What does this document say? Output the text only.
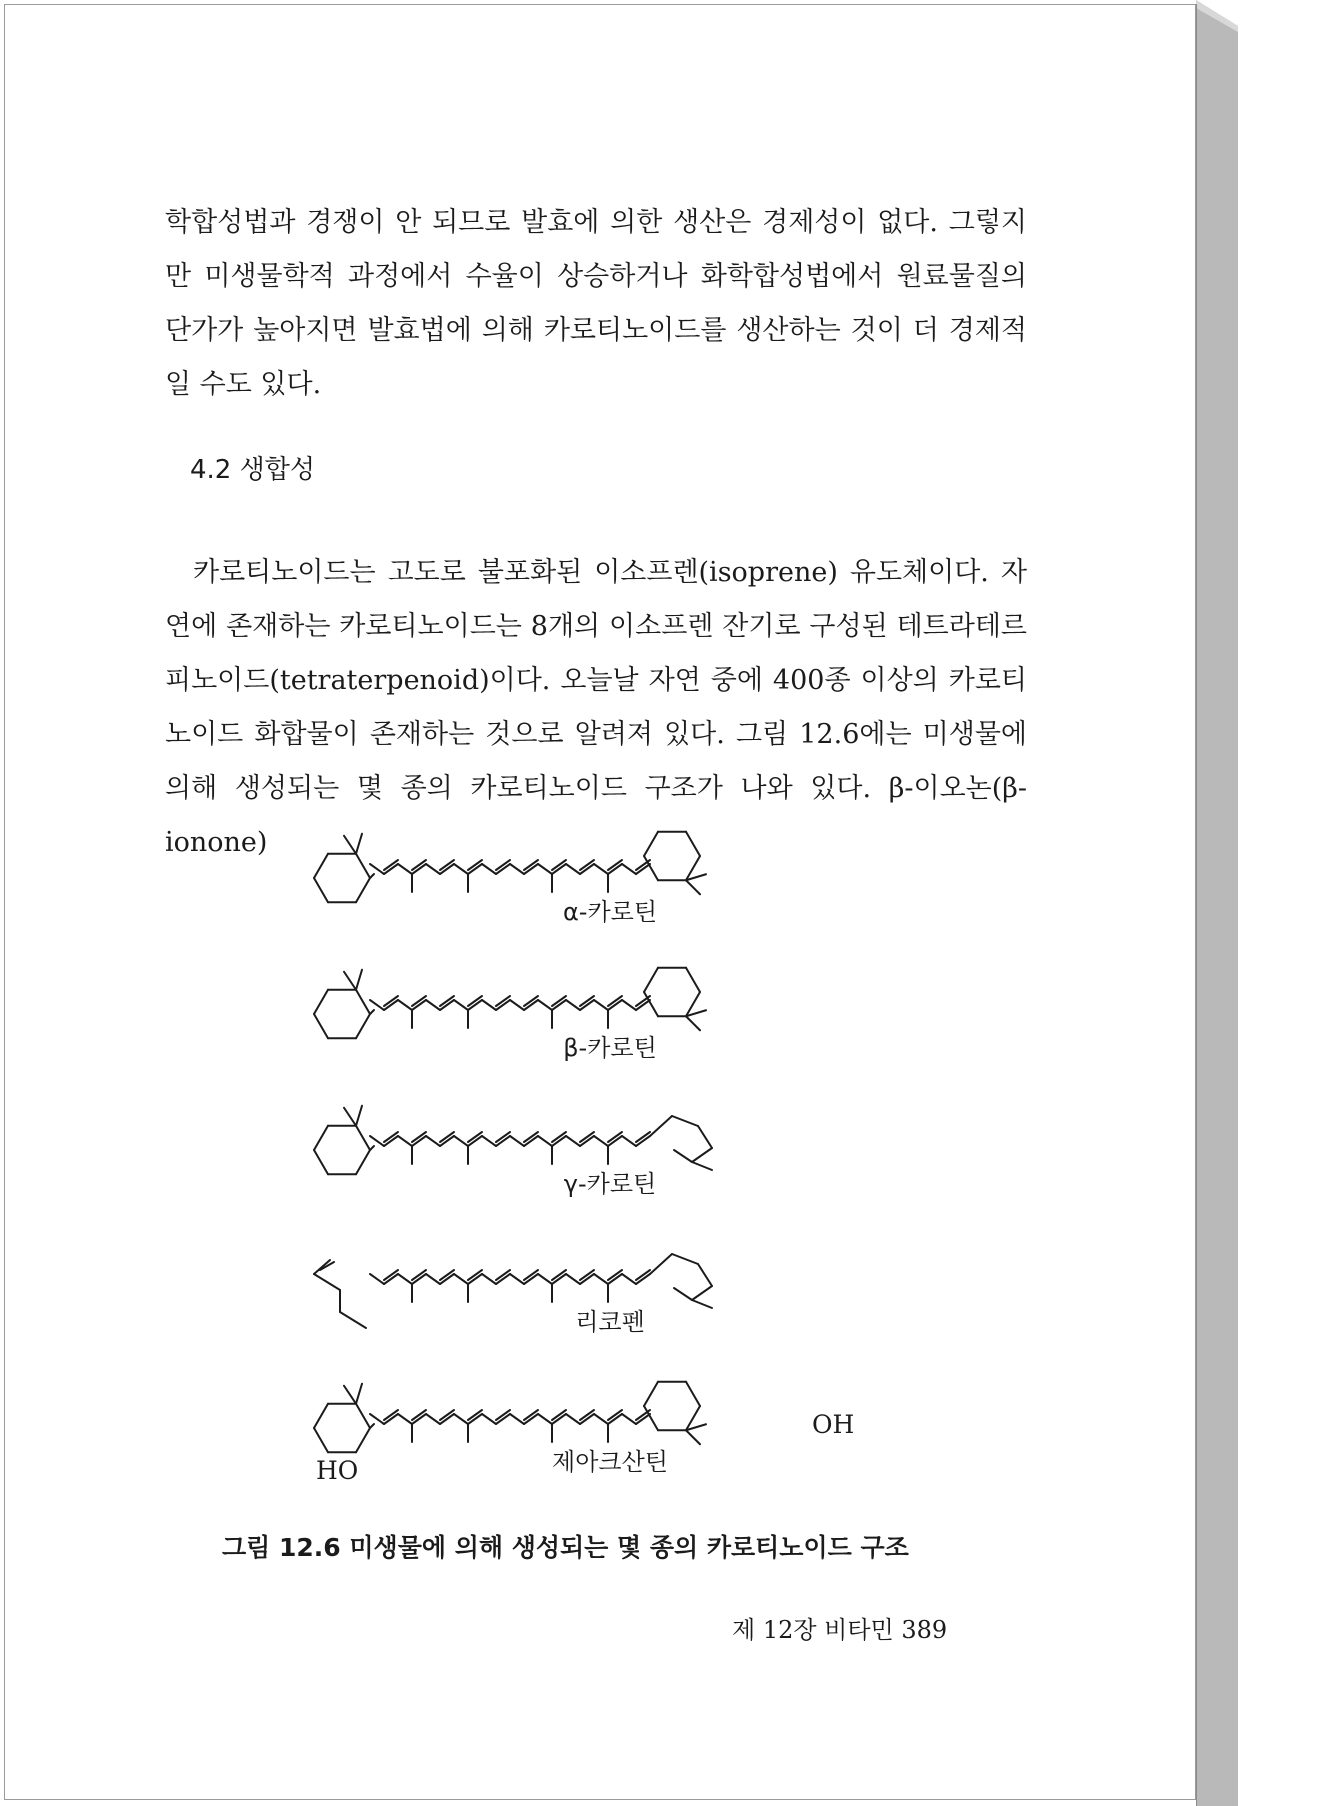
학합성법과 경쟁이 안 되므로 발효에 의한 생산은 경제성이 없다. 그렇지만 미생물학적 과정에서 수율이 상승하거나 화학합성법에서 원료물질의 단가가 높아지면 발효법에 의해 카로티노이드를 생산하는 것이 더 경제적일 수도 있다.

4.2 생합성

카로티노이드는 고도로 불포화된 이소프렌(isoprene) 유도체이다. 자연에 존재하는 카로티노이드는 8개의 이소프렌 잔기로 구성된 테트라테르피노이드(tetraterpenoid)이다. 오늘날 자연 중에 400종 이상의 카로티노이드 화합물이 존재하는 것으로 알려져 있다. 그림 12.6에는 미생물에 의해 생성되는 몇 종의 카로티노이드 구조가 나와 있다. β-이오논(β-ionone)

α-카로틴
β-카로틴
γ-카로틴
리코펜
제아크산틴
HO
OH

그림 12.6 미생물에 의해 생성되는 몇 종의 카로티노이드 구조

제 12장 비타민 389
